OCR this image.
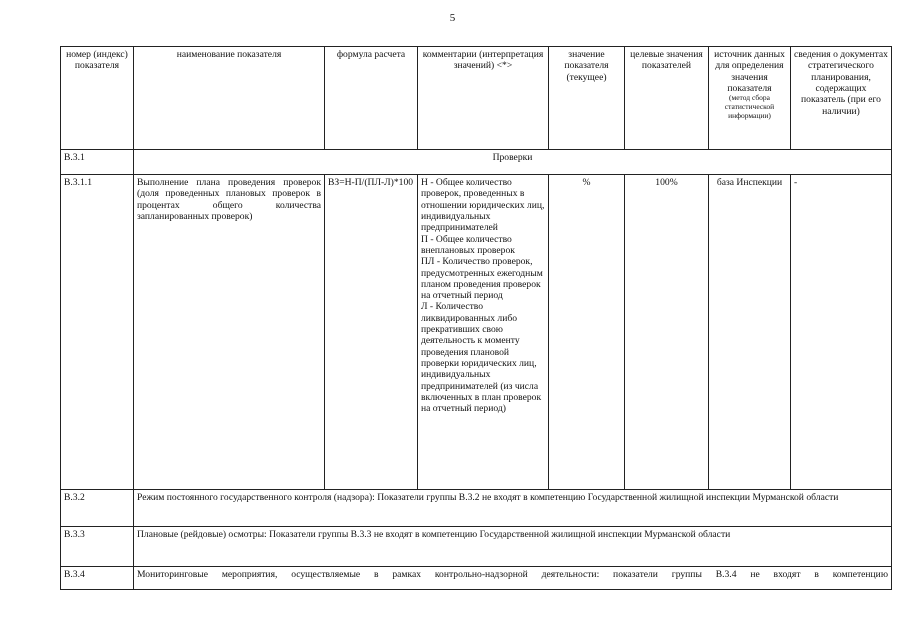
5
номер (индекс) показателя	наименование показателя	формула расчета	комментарии (интерпретация значений) <*>	значение показателя (текущее)	целевые значения показателей	источник данных для определения значения показателя
(метод сбора статистической информации)	сведения о документах стратегического планирования, содержащих показатель (при его наличии)
В.3.1	Проверки						
В.3.1.1	Выполнение плана проведения проверок (доля проведенных плановых проверок в процентах общего количества запланированных проверок)	ВЗ=Н-П/(ПЛ-Л)*100	Н - Общее количество проверок, проведенных в отношении юридических лиц, индивидуальных предпринимателей
П - Общее количество внеплановых проверок
ПЛ - Количество проверок, предусмотренных ежегодным планом проведения проверок на отчетный период
Л - Количество ликвидированных либо прекративших свою деятельность к моменту проведения плановой проверки юридических лиц, индивидуальных предпринимателей (из числа включенных в план проверок на отчетный период)	%	100%	база Инспекции	-
В.3.2	Режим постоянного государственного контроля (надзора): Показатели группы В.3.2 не входят в компетенцию Государственной жилищной инспекции Мурманской области						
В.3.3	Плановые (рейдовые) осмотры: Показатели группы В.3.3 не входят в компетенцию Государственной жилищной инспекции Мурманской области						
В.3.4	Мониторинговые мероприятия, осуществляемые в рамках контрольно-надзорной деятельности: показатели группы В.3.4 не входят в компетенцию						
